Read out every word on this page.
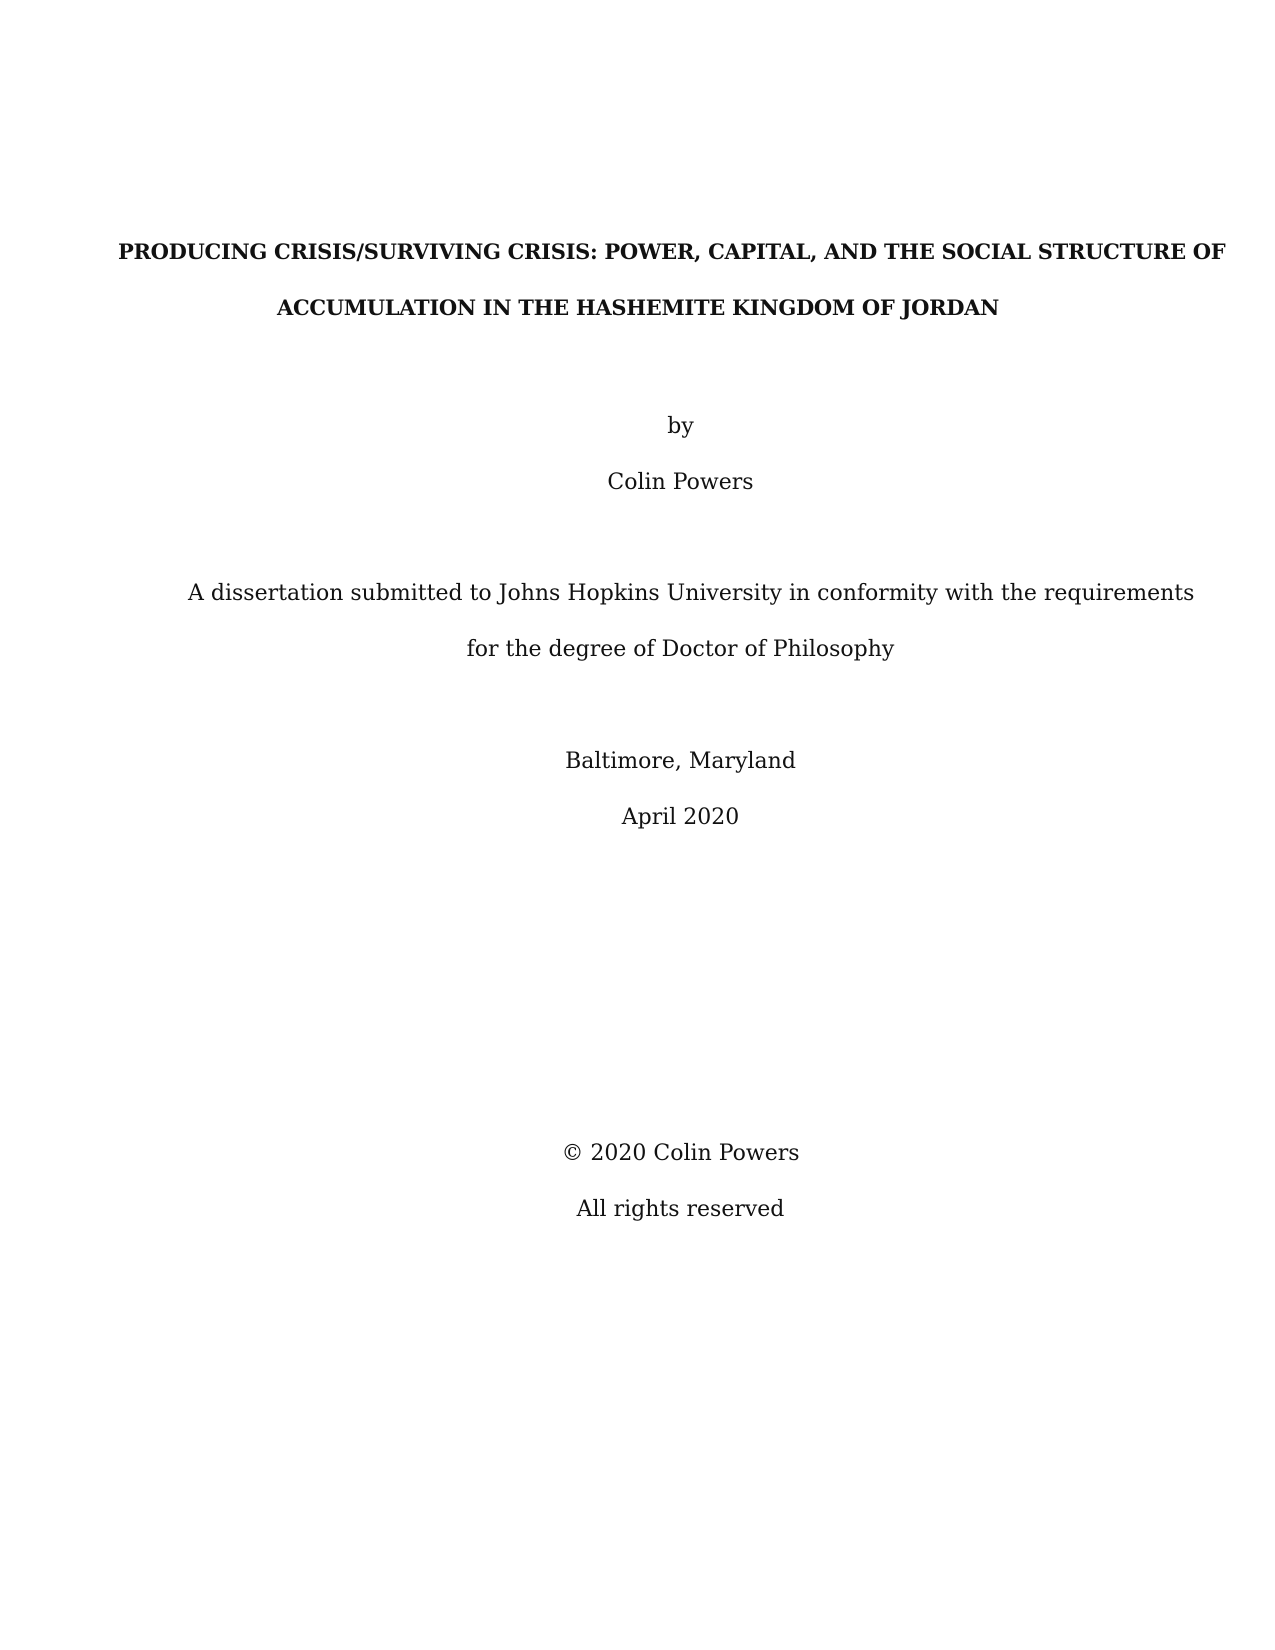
PRODUCING CRISIS/SURVIVING CRISIS: POWER, CAPITAL, AND THE SOCIAL STRUCTURE OF
ACCUMULATION IN THE HASHEMITE KINGDOM OF JORDAN
by
Colin Powers
A dissertation submitted to Johns Hopkins University in conformity with the requirements
for the degree of Doctor of Philosophy
Baltimore, Maryland
April 2020
© 2020 Colin Powers
All rights reserved
